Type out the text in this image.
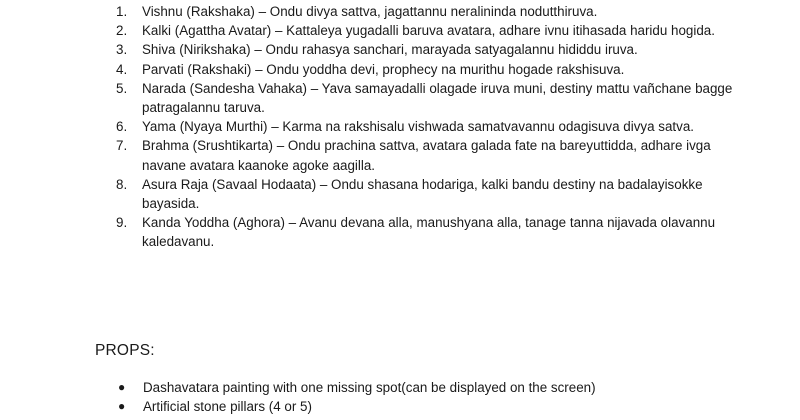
1. Vishnu (Rakshaka) – Ondu divya sattva, jagattannu neralininda nodutthiruva.
2. Kalki (Agattha Avatar) – Kattaleya yugadalli baruva avatara, adhare ivnu itihasada haridu hogida.
3. Shiva (Nirikshaka) – Ondu rahasya sanchari, marayada satyagalannu hididdu iruva.
4. Parvati (Rakshaki) – Ondu yoddha devi, prophecy na murithu hogade rakshisuva.
5. Narada (Sandesha Vahaka) – Yava samayadalli olagade iruva muni, destiny mattu vañchane bagge patragalannu taruva.
6. Yama (Nyaya Murthi) – Karma na rakshisalu vishwada samatvavannu odagisuva divya satva.
7. Brahma (Srushtikarta) – Ondu prachina sattva, avatara galada fate na bareyuttidda, adhare ivga navane avatara kaanoke agoke aagilla.
8. Asura Raja (Savaal Hodaata) – Ondu shasana hodariga, kalki bandu destiny na badalayisokke bayasida.
9. Kanda Yoddha (Aghora) – Avanu devana alla, manushyana alla, tanage tanna nijavada olavannu kaledavanu.
PROPS:
● Dashavatara painting with one missing spot(can be displayed on the screen)
● Artificial stone pillars (4 or 5)
